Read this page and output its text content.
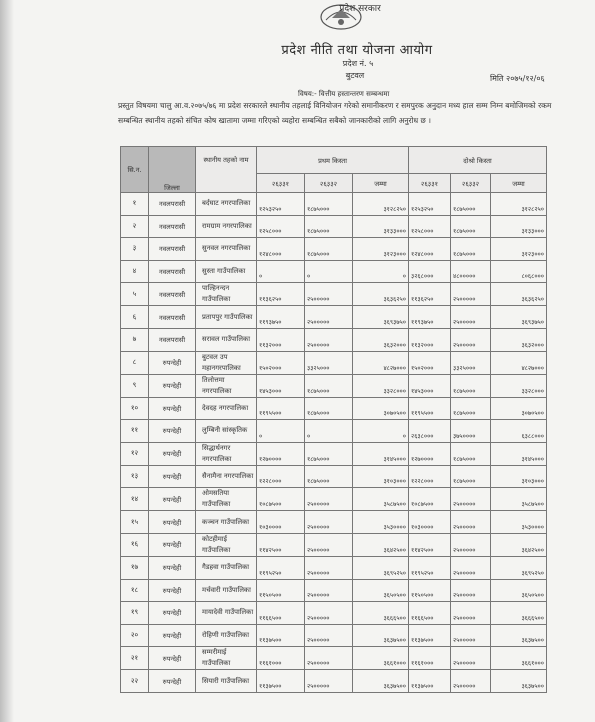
प्रदेश सरकार
प्रदेश नीति तथा योजना आयोग
प्रदेश नं. ५
बुटवल	मिति २०७५/१२/०६
विषय:- वित्तीय हस्तान्तरण सम्बन्धमा
प्रस्तुत विषयमा चालु आ.व.२०७५/७६ मा प्रदेश सरकारले स्थानीय तहलाई विनियोजन गरेको समानीकरण र समपुरक अनुदान मध्य हाल सम्म निम्न बमोजिमको रकम सम्बन्धित स्थानीय तहको संचित कोष खातामा जम्मा गरिएको व्यहोरा सम्बन्धित सबैको जानकारीको लागि अनुरोध छ ।
सि.न.	जिल्ला	स्थानीय तहको नाम	प्रथम किस्ता			दोश्रो किस्ता		
			२६३३१	२६३३२	जम्मा	२६३३१	२६३३२	जम्मा
१	नवलपरासी	बर्दघाट नगरपालिका	१२५३२५०	१८७५०००	३१२८२५०	१२५३२५०	१८७५०००	३१२८२५०
२	नवलपरासी	रामग्राम नगरपालिका	१२५८०००	१८७५०००	३१३३०००	१२५८०००	१८७५०००	३१३३०००
३	नवलपरासी	सुनवल नगरपालिका	१२४८०००	१८७५०००	३१२३०००	१२४८०००	१८७५०००	३१२३०००
४	नवलपरासी	सुस्ता गाउँपालिका	०	०	०	३२६८०००	४८०००००	८०६८०००
५	नवलपरासी	पाल्हिनन्दन गाउँपालिका	११३६२५०	२५०००००	३६३६२५०	११३६२५०	२५०००००	३६३६२५०
६	नवलपरासी	प्रतापपुर गाउँपालिका	११९३७५०	२५०००००	३६९३७५०	११९३७५०	२५०००००	३६९३७५०
७	नवलपरासी	सरावल गाउँपालिका	११३२०००	२५०००००	३६३२०००	११३२०००	२५०००००	३६३२०००
८	रुपन्देही	बुटवल उप महानगरपालिका	१५०२०००	३३२५०००	४८२७०००	१५०२०००	३३२५०००	४८२७०००
९	रुपन्देही	तिलोत्तमा नगरपालिका	१४५३०००	१८७५०००	३३२८०००	१४५३०००	१८७५०००	३३२८०००
१०	रुपन्देही	देवदह नगरपालिका	११९५५००	१८७५०००	३०७०५००	११९५५००	१८७५०००	३०७०५००
११	रुपन्देही	लुम्बिनी सांस्कृतिक	०	०	०	२६३८०००	३७५००००	६३८८०००
१२	रुपन्देही	सिद्धार्थनगर नगरपालिका	१२७००००	१८७५०००	३१४५०००	१२७००००	१८७५०००	३१४५०००
१३	रुपन्देही	सैनामैना नगरपालिका	१२२८०००	१८७५०००	३१०३०००	१२२८०००	१८७५०००	३१०३०००
१४	रुपन्देही	ओमसतिया गाउँपालिका	१०८७५००	२५०००००	३५८७५००	१०८७५००	२५०००००	३५८७५००
१५	रुपन्देही	कञ्चन गाउँपालिका	१०३००००	२५०००००	३५३००००	१०३००००	२५०००००	३५३००००
१६	रुपन्देही	कोटहीमाई गाउँपालिका	११४२५००	२५०००००	३६४२५००	११४२५००	२५०००००	३६४२५००
१७	रुपन्देही	गैडहवा गाउँपालिका	११९५२५०	२५०००००	३६९५२५०	११९५२५०	२५०००००	३६९५२५०
१८	रुपन्देही	मर्चवारी गाउँपालिका	११५०५००	२५०००००	३६५०५००	११५०५००	२५०००००	३६५०५००
१९	रुपन्देही	मायादेवी गाउँपालिका	११६६५००	२५०००००	३६६६५००	११६६५००	२५०००००	३६६६५००
२०	रुपन्देही	रोहिणी गाउँपालिका	११३७५००	२५०००००	३६३७५००	११३७५००	२५०००००	३६३७५००
२१	रुपन्देही	सम्मरीमाई गाउँपालिका	११६१०००	२५०००००	३६६१०००	११६१०००	२५०००००	३६६१०००
२२	रुपन्देही	सियारी गाउँपालिका	११३७५००	२५०००००	३६३७५००	११३७५००	२५०००००	३६३७५००
